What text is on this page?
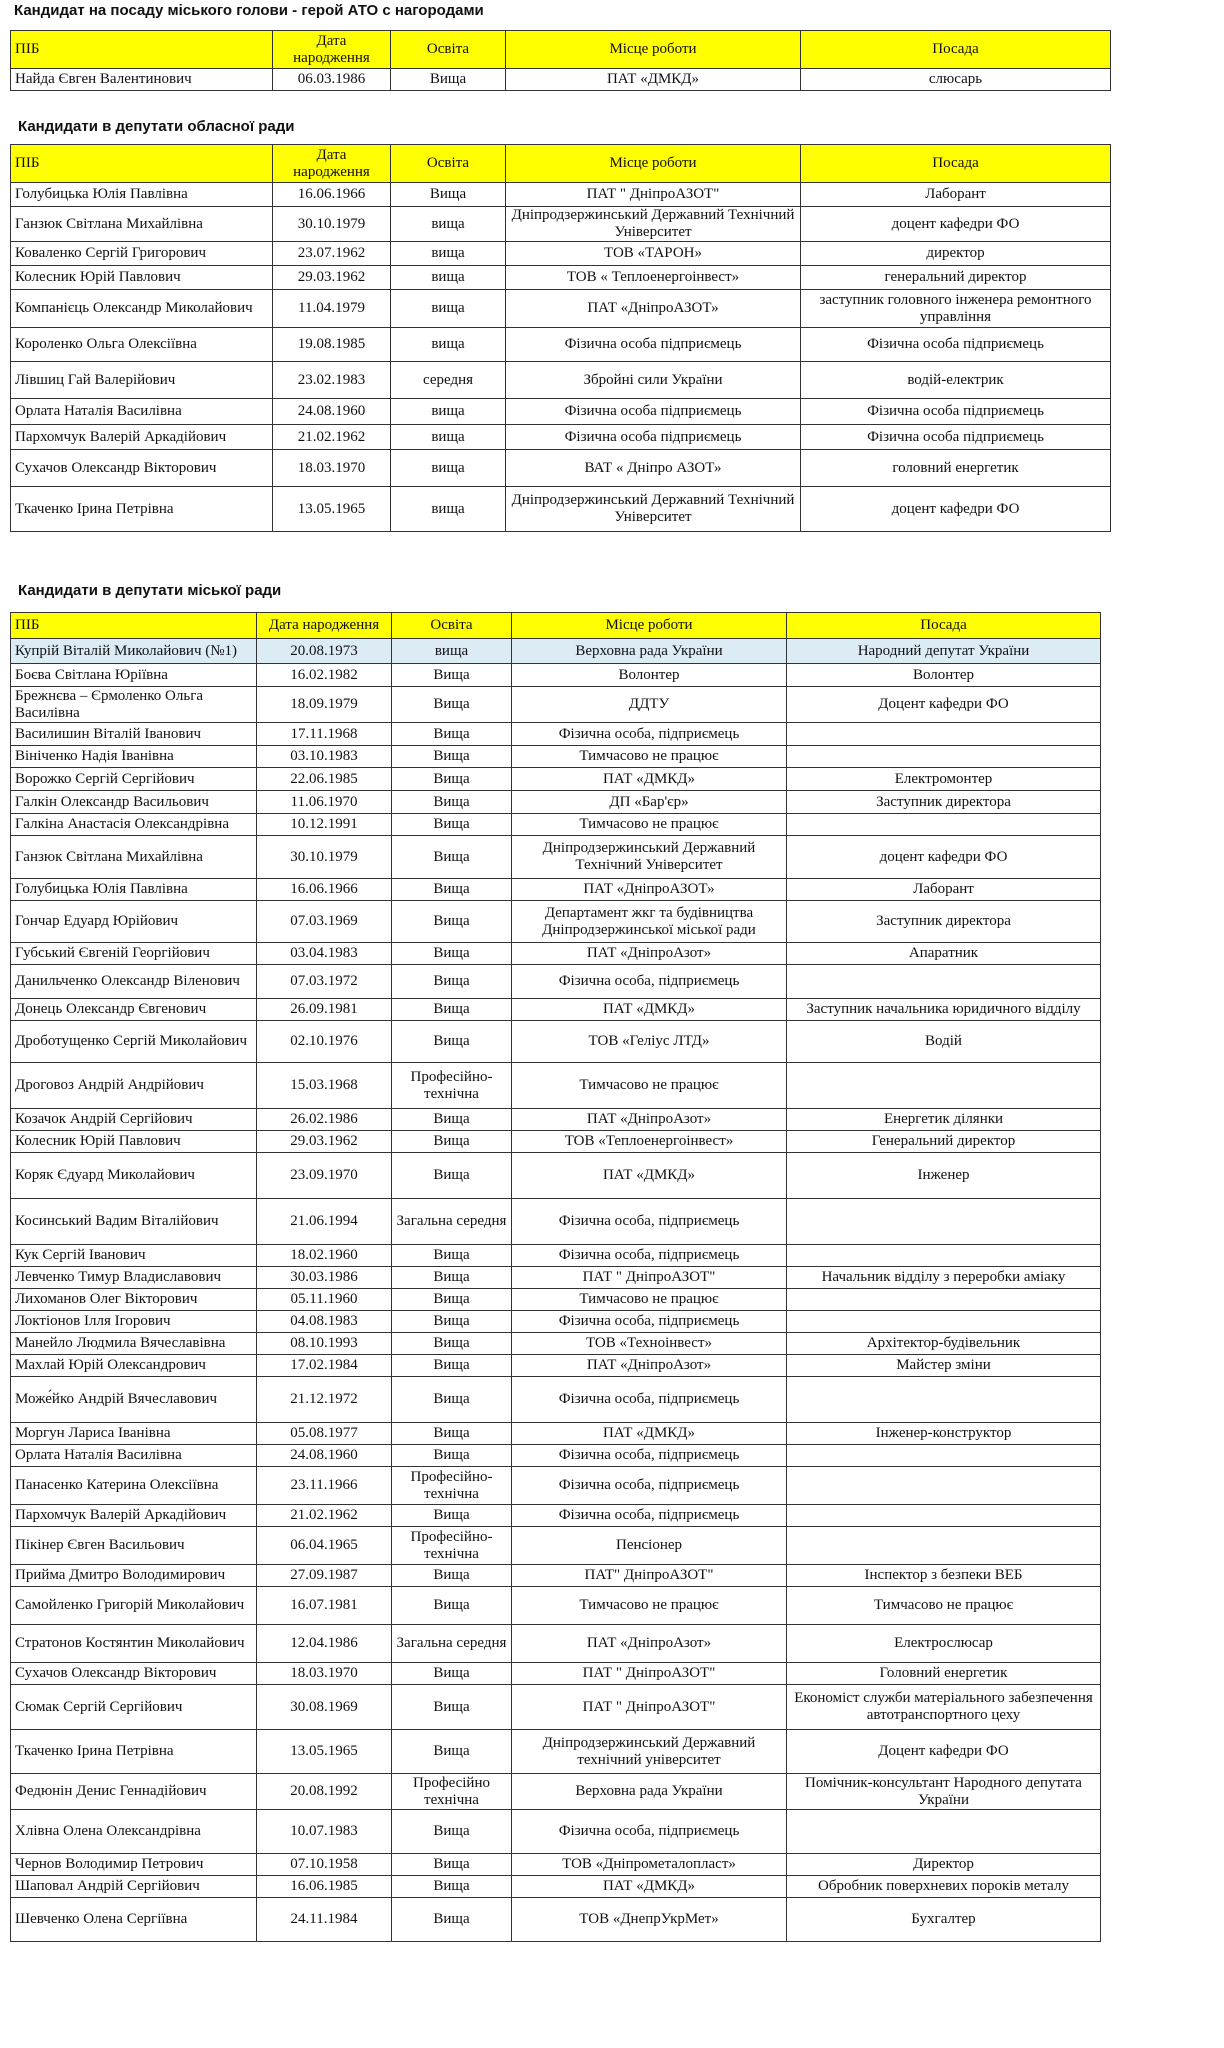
Кандидат на посаду міського голови - герой АТО с нагородами
ПІБ	Дата народження	Освіта	Місце роботи	Посада
Найда Євген Валентинович	06.03.1986	Вища	ПАТ «ДМКД»	слюсарь
Кандидати в депутати обласної ради
ПІБ	Дата народження	Освіта	Місце роботи	Посада
Голубицька Юлія Павлівна	16.06.1966	Вища	ПАТ " ДніпроАЗОТ"	Лаборант
Ганзюк Світлана Михайлівна	30.10.1979	вища	Дніпродзержинський Державний Технічний Університет	доцент кафедри ФО
Коваленко Сергій Григорович	23.07.1962	вища	ТОВ «ТАРОН»	директор
Колесник Юрій Павлович	29.03.1962	вища	ТОВ « Теплоенергоінвест»	генеральний директор
Компанієць Олександр Миколайович	11.04.1979	вища	ПАТ «ДніпроАЗОТ»	заступник головного інженера ремонтного управління
Короленко Ольга Олексіївна	19.08.1985	вища	Фізична особа підприємець	Фізична особа підприємець
Лівшиц Гай Валерійович	23.02.1983	середня	Збройні сили України	водій-електрик
Орлата Наталія Василівна	24.08.1960	вища	Фізична особа підприємець	Фізична особа підприємець
Пархомчук Валерій Аркадійович	21.02.1962	вища	Фізична особа підприємець	Фізична особа підприємець
Сухачов Олександр Вікторович	18.03.1970	вища	ВАТ « Дніпро АЗОТ»	головний енергетик
Ткаченко Ірина Петрівна	13.05.1965	вища	Дніпродзержинський Державний Технічний Університет	доцент кафедри ФО
Кандидати в депутати міської ради
ПІБ	Дата народження	Освіта	Місце роботи	Посада
Купрій Віталій Миколайович (№1)	20.08.1973	вища	Верховна рада України	Народний депутат України
Боєва Світлана Юріївна	16.02.1982	Вища	Волонтер	Волонтер
Брежнєва – Єрмоленко Ольга Василівна	18.09.1979	Вища	ДДТУ	Доцент кафедри ФО
Василишин Віталій Іванович	17.11.1968	Вища	Фізична особа, підприємець	
Вініченко Надія Іванівна	03.10.1983	Вища	Тимчасово не працює	
Ворожко Сергій Сергійович	22.06.1985	Вища	ПАТ «ДМКД»	Електромонтер
Галкін Олександр Васильович	11.06.1970	Вища	ДП «Бар'єр»	Заступник директора
Галкіна Анастасія Олександрівна	10.12.1991	Вища	Тимчасово не працює	
Ганзюк Світлана Михайлівна	30.10.1979	Вища	Дніпродзержинський Державний Технічний Університет	доцент кафедри ФО
Голубицька Юлія Павлівна	16.06.1966	Вища	ПАТ «ДніпроАЗОТ»	Лаборант
Гончар Едуард Юрійович	07.03.1969	Вища	Департамент жкг та будівництва Дніпродзержинської міської ради	Заступник директора
Губський Євгеній Георгійович	03.04.1983	Вища	ПАТ «ДніпроАзот»	Апаратник
Данильченко Олександр Віленович	07.03.1972	Вища	Фізична особа, підприємець	
Донець Олександр Євгенович	26.09.1981	Вища	ПАТ «ДМКД»	Заступник начальника юридичного відділу
Дроботущенко Сергій Миколайович	02.10.1976	Вища	ТОВ «Геліус ЛТД»	Водій
Дроговоз Андрій Андрійович	15.03.1968	Професійно-технічна	Тимчасово не працює	
Козачок Андрій Сергійович	26.02.1986	Вища	ПАТ «ДніпроАзот»	Енергетик ділянки
Колесник Юрій Павлович	29.03.1962	Вища	ТОВ «Теплоенергоінвест»	Генеральний директор
Коряк Єдуард Миколайович	23.09.1970	Вища	ПАТ «ДМКД»	Інженер
Косинський Вадим Віталійович	21.06.1994	Загальна середня	Фізична особа, підприємець	
Кук Сергій Іванович	18.02.1960	Вища	Фізична особа, підприємець	
Левченко Тимур Владиславович	30.03.1986	Вища	ПАТ " ДніпроАЗОТ"	Начальник відділу з переробки аміаку
Лихоманов Олег Вікторович	05.11.1960	Вища	Тимчасово не працює	
Локтіонов Ілля Ігорович	04.08.1983	Вища	Фізична особа, підприємець	
Манейло Людмила Вячеславівна	08.10.1993	Вища	ТОВ «Техноінвест»	Архітектор-будівельник
Махлай Юрій Олександрович	17.02.1984	Вища	ПАТ «ДніпроАзот»	Майстер зміни
Може́йко Андрій Вячеславович	21.12.1972	Вища	Фізична особа, підприємець	
Моргун Лариса Іванівна	05.08.1977	Вища	ПАТ «ДМКД»	Інженер-конструктор
Орлата Наталія Василівна	24.08.1960	Вища	Фізична особа, підприємець	
Панасенко Катерина Олексіївна	23.11.1966	Професійно-технічна	Фізична особа, підприємець	
Пархомчук Валерій Аркадійович	21.02.1962	Вища	Фізична особа, підприємець	
Пікінер Євген Васильович	06.04.1965	Професійно-технічна	Пенсіонер	
Прийма Дмитро Володимирович	27.09.1987	Вища	ПАТ" ДніпроАЗОТ"	Інспектор з безпеки ВЕБ
Самойленко Григорій Миколайович	16.07.1981	Вища	Тимчасово не працює	Тимчасово не працює
Стратонов Костянтин Миколайович	12.04.1986	Загальна середня	ПАТ «ДніпроАзот»	Електрослюсар
Сухачов Олександр Вікторович	18.03.1970	Вища	ПАТ " ДніпроАЗОТ"	Головний енергетик
Сюмак Сергій Сергійович	30.08.1969	Вища	ПАТ " ДніпроАЗОТ"	Економіст служби матеріального забезпечення автотранспортного цеху
Ткаченко Ірина Петрівна	13.05.1965	Вища	Дніпродзержинський Державний технічний університет	Доцент кафедри ФО
Федюнін Денис Геннадійович	20.08.1992	Професійно технічна	Верховна рада України	Помічник-консультант Народного депутата України
Хлівна Олена Олександрівна	10.07.1983	Вища	Фізична особа, підприємець	
Чернов Володимир Петрович	07.10.1958	Вища	ТОВ «Дніпрометалопласт»	Директор
Шаповал Андрій Сергійович	16.06.1985	Вища	ПАТ «ДМКД»	Обробник поверхневих пороків металу
Шевченко Олена Сергіївна	24.11.1984	Вища	ТОВ «ДнепрУкрМет»	Бухгалтер
